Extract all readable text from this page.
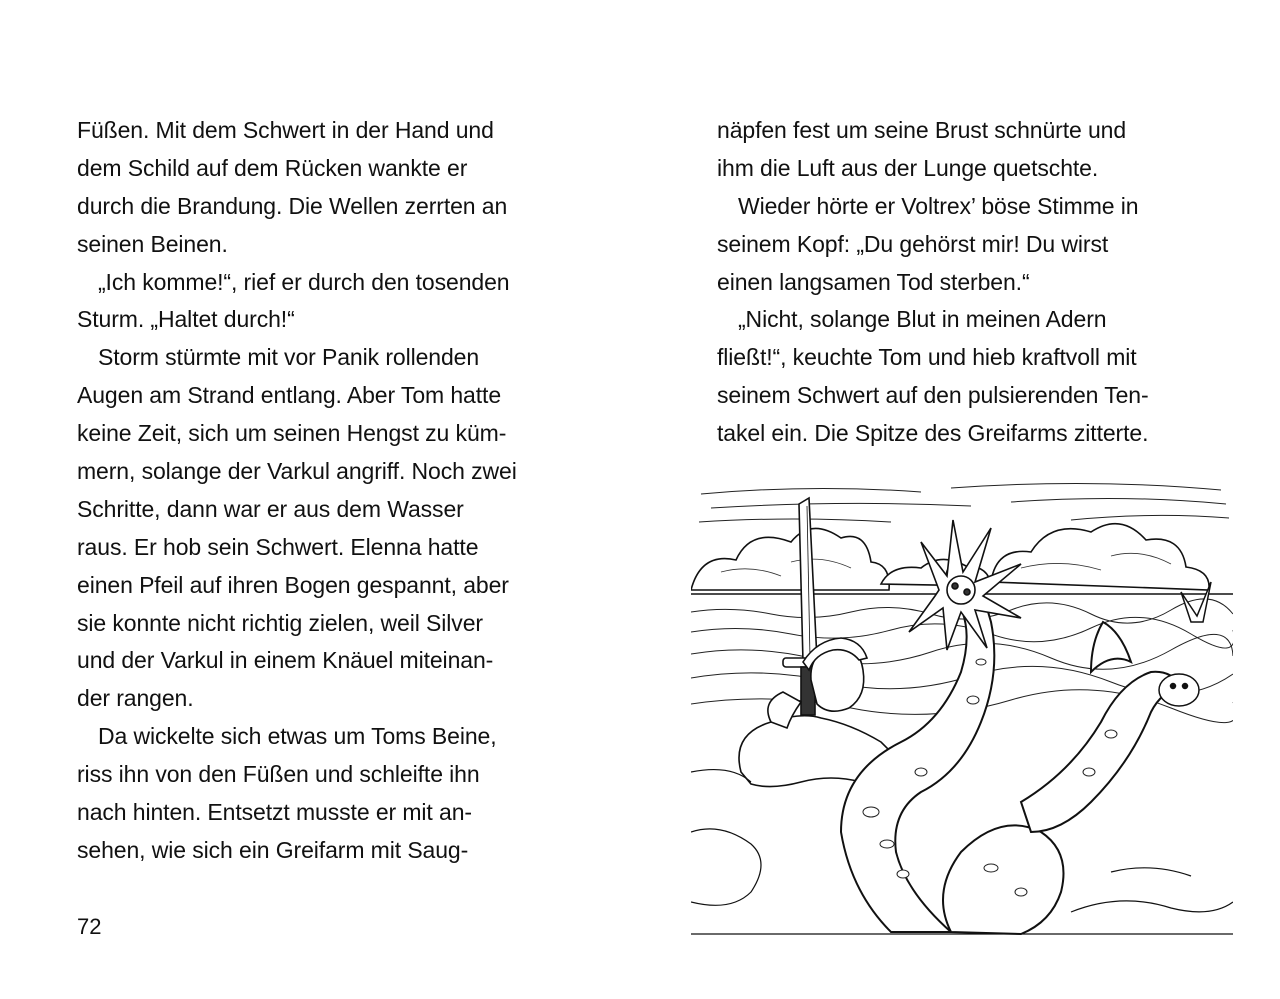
Füßen. Mit dem Schwert in der Hand und
dem Schild auf dem Rücken wankte er
durch die Brandung. Die Wellen zerrten an
seinen Beinen.
„Ich komme!“, rief er durch den tosenden
Sturm. „Haltet durch!“
Storm stürmte mit vor Panik rollenden
Augen am Strand entlang. Aber Tom hatte
keine Zeit, sich um seinen Hengst zu küm-
mern, solange der Varkul angriff. Noch zwei
Schritte, dann war er aus dem Wasser
raus. Er hob sein Schwert. Elenna hatte
einen Pfeil auf ihren Bogen gespannt, aber
sie konnte nicht richtig zielen, weil Silver
und der Varkul in einem Knäuel miteinan-
der rangen.
Da wickelte sich etwas um Toms Beine,
riss ihn von den Füßen und schleifte ihn
nach hinten. Entsetzt musste er mit an-
sehen, wie sich ein Greifarm mit Saug-
72
näpfen fest um seine Brust schnürte und
ihm die Luft aus der Lunge quetschte.
Wieder hörte er Voltrex’ böse Stimme in
seinem Kopf: „Du gehörst mir! Du wirst
einen langsamen Tod sterben.“
„Nicht, solange Blut in meinen Adern
fließt!“, keuchte Tom und hieb kraftvoll mit
seinem Schwert auf den pulsierenden Ten-
takel ein. Die Spitze des Greifarms zitterte.
